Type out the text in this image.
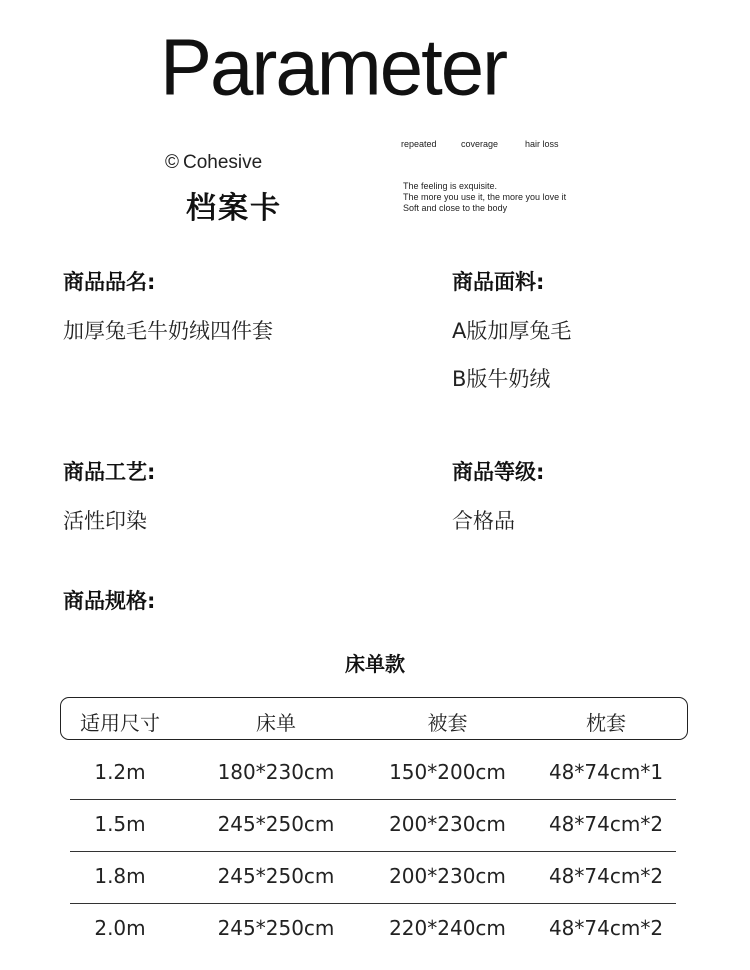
Parameter
© Cohesive
档案卡
repeated	coverage	hair loss
The feeling is exquisite.
The more you use it, the more you love it
Soft and close to the body
商品品名:
加厚兔毛牛奶绒四件套
商品面料:
A版加厚兔毛
B版牛奶绒
商品工艺:
活性印染
商品等级:
合格品
商品规格:
床单款
适用尺寸	床单	被套	枕套
1.2m	180*230cm	150*200cm	48*74cm*1
1.5m	245*250cm	200*230cm	48*74cm*2
1.8m	245*250cm	200*230cm	48*74cm*2
2.0m	245*250cm	220*240cm	48*74cm*2
